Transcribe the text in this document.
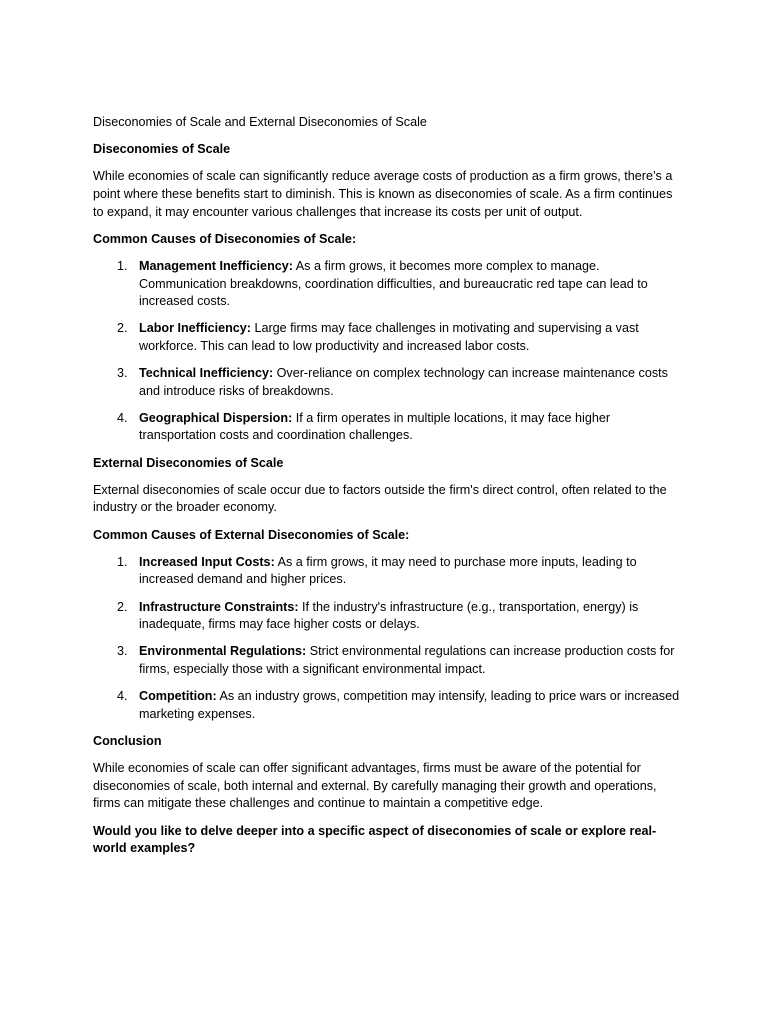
Diseconomies of Scale and External Diseconomies of Scale

Diseconomies of Scale

While economies of scale can significantly reduce average costs of production as a firm grows, there’s a point where these benefits start to diminish. This is known as diseconomies of scale. As a firm continues to expand, it may encounter various challenges that increase its costs per unit of output.

Common Causes of Diseconomies of Scale:

1. Management Inefficiency: As a firm grows, it becomes more complex to manage. Communication breakdowns, coordination difficulties, and bureaucratic red tape can lead to increased costs.
2. Labor Inefficiency: Large firms may face challenges in motivating and supervising a vast workforce. This can lead to low productivity and increased labor costs.
3. Technical Inefficiency: Over-reliance on complex technology can increase maintenance costs and introduce risks of breakdowns.
4. Geographical Dispersion: If a firm operates in multiple locations, it may face higher transportation costs and coordination challenges.

External Diseconomies of Scale

External diseconomies of scale occur due to factors outside the firm's direct control, often related to the industry or the broader economy.

Common Causes of External Diseconomies of Scale:

1. Increased Input Costs: As a firm grows, it may need to purchase more inputs, leading to increased demand and higher prices.
2. Infrastructure Constraints: If the industry's infrastructure (e.g., transportation, energy) is inadequate, firms may face higher costs or delays.
3. Environmental Regulations: Strict environmental regulations can increase production costs for firms, especially those with a significant environmental impact.
4. Competition: As an industry grows, competition may intensify, leading to price wars or increased marketing expenses.

Conclusion

While economies of scale can offer significant advantages, firms must be aware of the potential for diseconomies of scale, both internal and external. By carefully managing their growth and operations, firms can mitigate these challenges and continue to maintain a competitive edge.

Would you like to delve deeper into a specific aspect of diseconomies of scale or explore real-world examples?
